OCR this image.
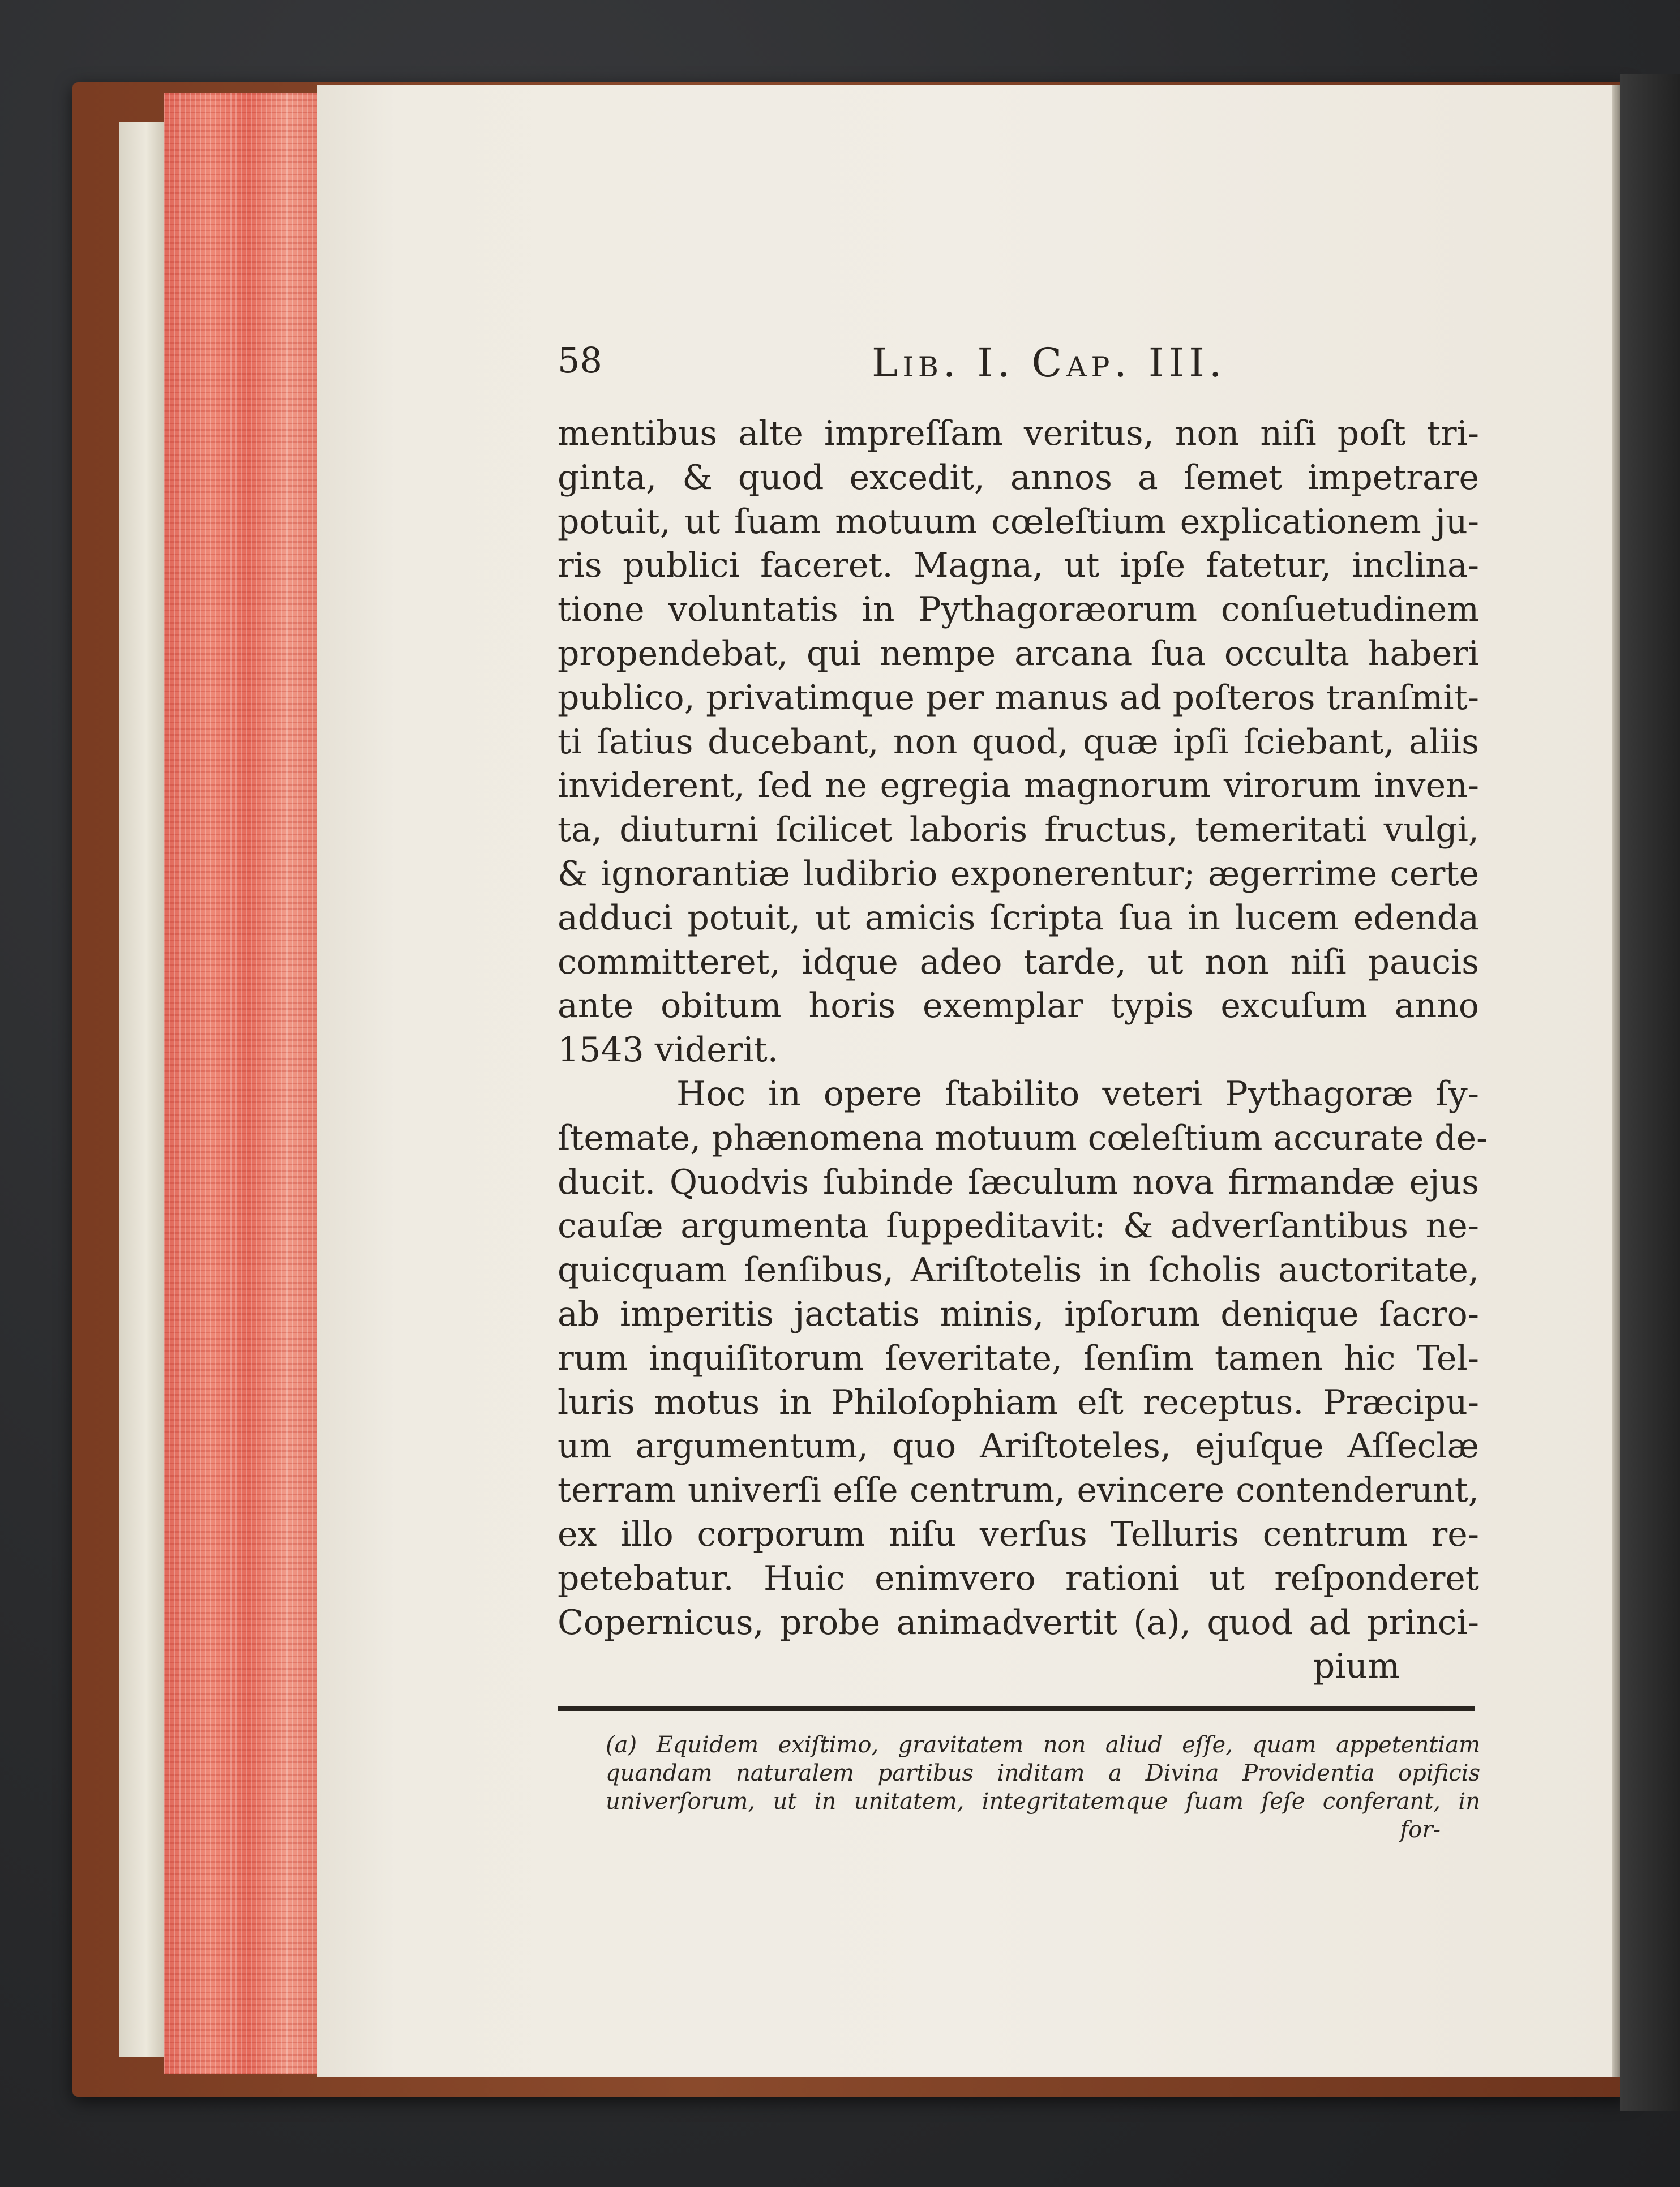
58	Lib. I. Cap. III.
mentibus alte impreſſam veritus, non niſi poſt tri-
ginta, & quod excedit, annos a ſemet impetrare
potuit, ut ſuam motuum cœleſtium explicationem ju-
ris publici faceret. Magna, ut ipſe fatetur, inclina-
tione voluntatis in Pythagoræorum conſuetudinem
propendebat, qui nempe arcana ſua occulta haberi
publico, privatimque per manus ad poſteros tranſmit-
ti ſatius ducebant, non quod, quæ ipſi ſciebant, aliis
inviderent, ſed ne egregia magnorum virorum inven-
ta, diuturni ſcilicet laboris fructus, temeritati vulgi,
& ignorantiæ ludibrio exponerentur; ægerrime certe
adduci potuit, ut amicis ſcripta ſua in lucem edenda
committeret, idque adeo tarde, ut non niſi paucis
ante obitum horis exemplar typis excuſum anno
1543 viderit.
Hoc in opere ſtabilito veteri Pythagoræ ſy-
ſtemate, phænomena motuum cœleſtium accurate de-
ducit. Quodvis ſubinde ſæculum nova firmandæ ejus
cauſæ argumenta ſuppeditavit: & adverſantibus ne-
quicquam ſenſibus, Ariſtotelis in ſcholis auctoritate,
ab imperitis jactatis minis, ipſorum denique ſacro-
rum inquiſitorum ſeveritate, ſenſim tamen hic Tel-
luris motus in Philoſophiam eſt receptus. Præcipu-
um argumentum, quo Ariſtoteles, ejuſque Aſſeclæ
terram univerſi eſſe centrum, evincere contenderunt,
ex illo corporum niſu verſus Telluris centrum re-
petebatur. Huic enimvero rationi ut reſponderet
Copernicus, probe animadvertit (a), quod ad princi-
pium
(a) Equidem exiſtimo, gravitatem non aliud eſſe, quam appetentiam
quandam naturalem partibus inditam a Divina Providentia opificis
univerſorum, ut in unitatem, integritatemque ſuam ſeſe conferant, in
for-
